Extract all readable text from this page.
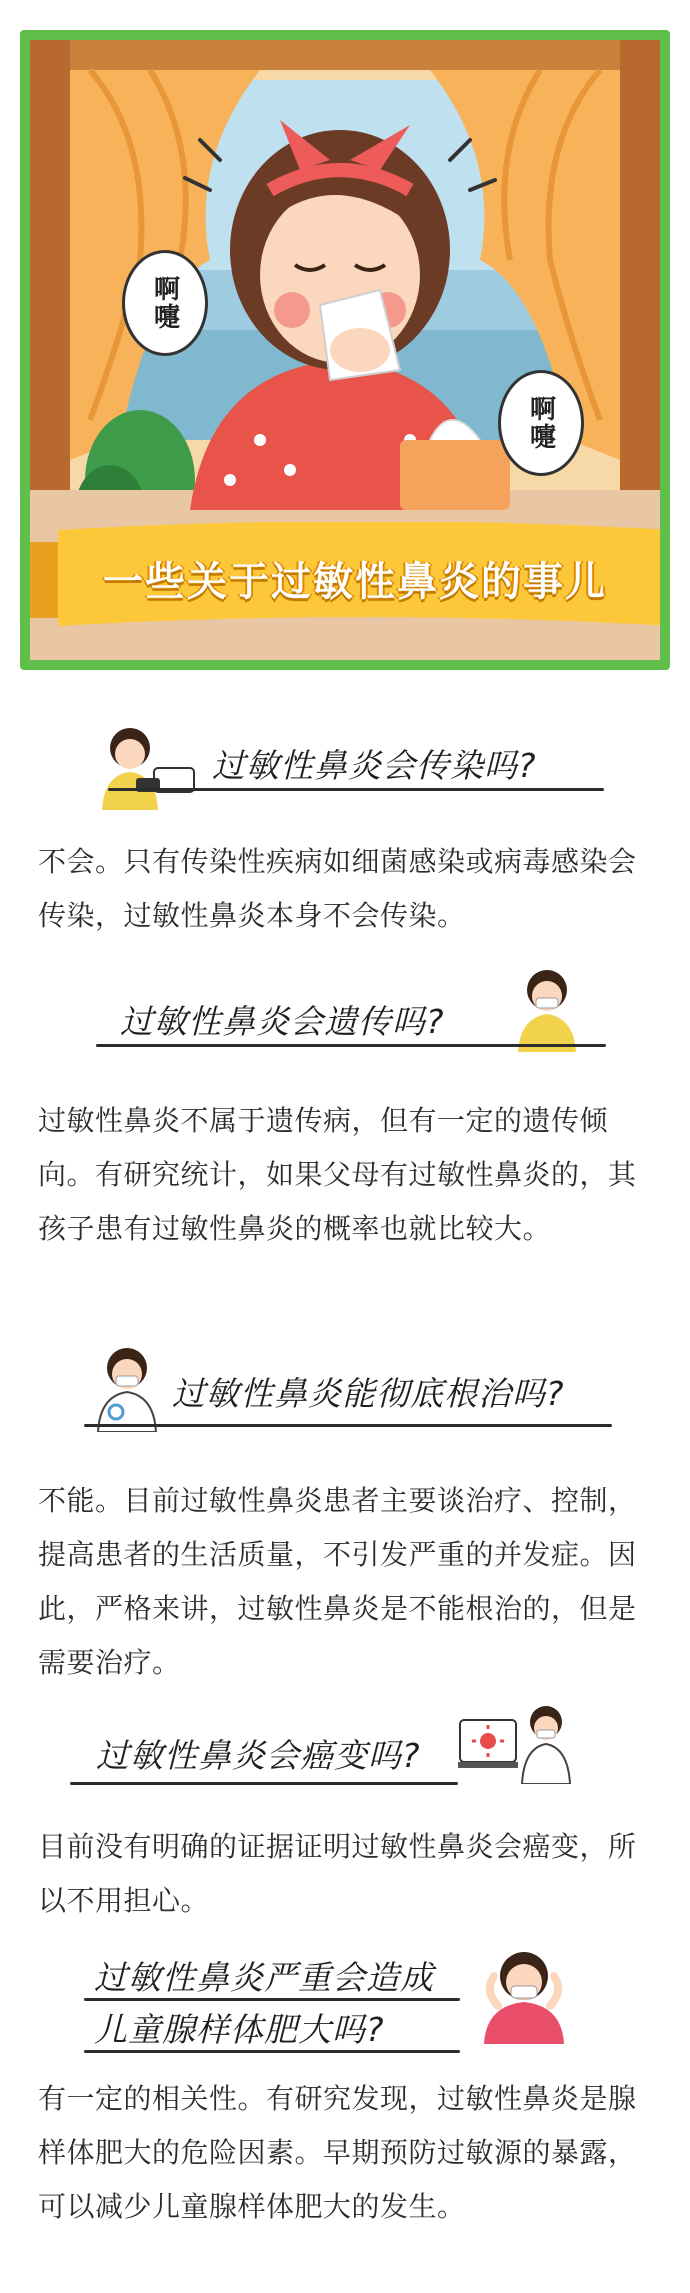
啊嚏
啊嚏
一些关于过敏性鼻炎的事儿
过敏性鼻炎会传染吗?
不会。只有传染性疾病如细菌感染或病毒感染会传染，过敏性鼻炎本身不会传染。
过敏性鼻炎会遗传吗?
过敏性鼻炎不属于遗传病，但有一定的遗传倾向。有研究统计，如果父母有过敏性鼻炎的，其孩子患有过敏性鼻炎的概率也就比较大。
过敏性鼻炎能彻底根治吗?
不能。目前过敏性鼻炎患者主要谈治疗、控制，提高患者的生活质量，不引发严重的并发症。因此，严格来讲，过敏性鼻炎是不能根治的，但是需要治疗。
过敏性鼻炎会癌变吗?
目前没有明确的证据证明过敏性鼻炎会癌变，所以不用担心。
过敏性鼻炎严重会造成
儿童腺样体肥大吗?
有一定的相关性。有研究发现，过敏性鼻炎是腺样体肥大的危险因素。早期预防过敏源的暴露，可以减少儿童腺样体肥大的发生。
